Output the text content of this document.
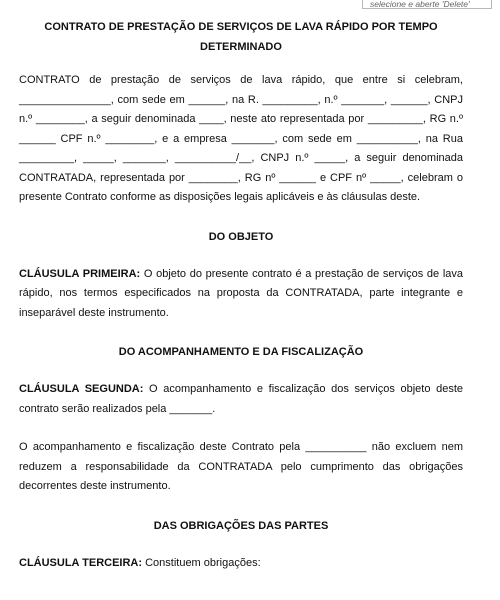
selecione e aberte 'Delete'
CONTRATO DE PRESTAÇÃO DE SERVIÇOS DE LAVA RÁPIDO POR TEMPO DETERMINADO

CONTRATO de prestação de serviços de lava rápido, que entre si celebram, _______________, com sede em ______, na R. _________, n.º _______, ______, CNPJ n.º ________, a seguir denominada ____, neste ato representada por _________, RG n.º ______ CPF n.º ________, e a empresa _______, com sede em __________, na Rua _________, _____, _______, __________/__, CNPJ n.º _____, a seguir denominada CONTRATADA, representada por ________, RG nº ______ e CPF nº _____, celebram o presente Contrato conforme as disposições legais aplicáveis e às cláusulas deste.

DO OBJETO

CLÁUSULA PRIMEIRA: O objeto do presente contrato é a prestação de serviços de lava rápido, nos termos especificados na proposta da CONTRATADA, parte integrante e inseparável deste instrumento.

DO ACOMPANHAMENTO E DA FISCALIZAÇÃO

CLÁUSULA SEGUNDA: O acompanhamento e fiscalização dos serviços objeto deste contrato serão realizados pela _______.

O acompanhamento e fiscalização deste Contrato pela __________ não excluem nem reduzem a responsabilidade da CONTRATADA pelo cumprimento das obrigações decorrentes deste instrumento.

DAS OBRIGAÇÕES DAS PARTES

CLÁUSULA TERCEIRA: Constituem obrigações:
